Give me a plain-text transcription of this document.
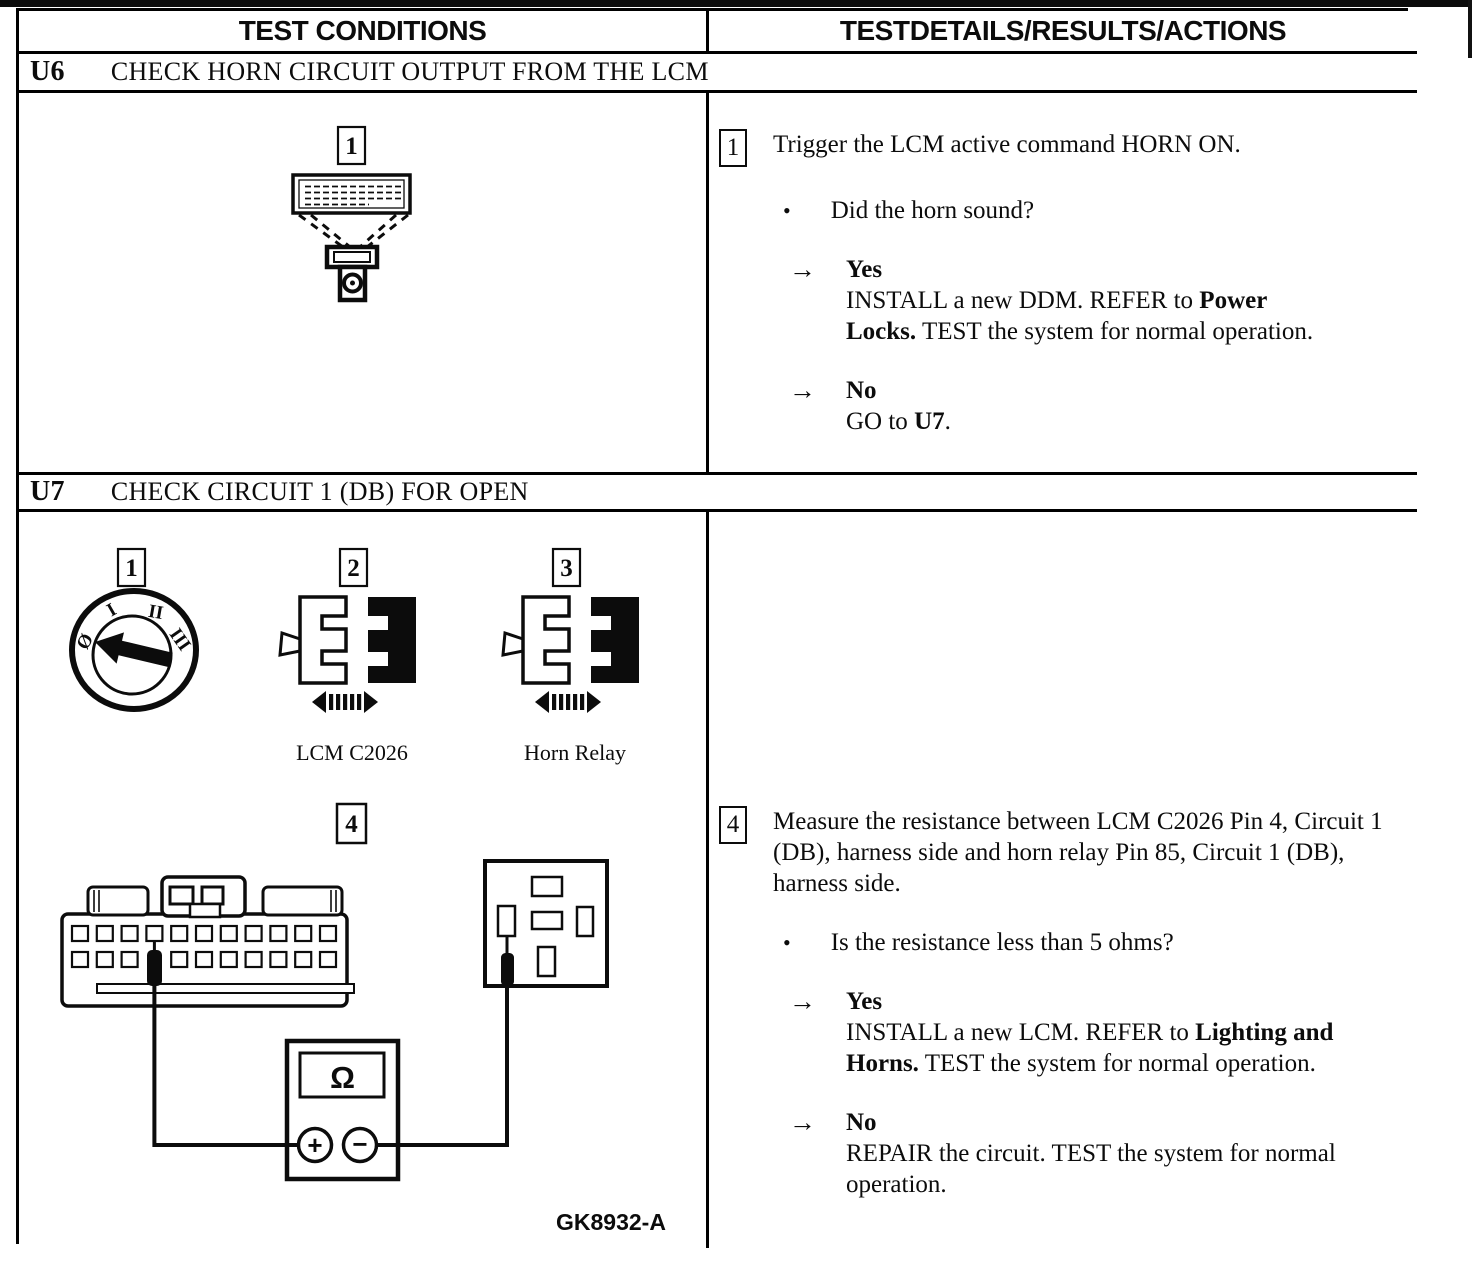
TEST CONDITIONS	TEST DETAILS/RESULTS/ACTIONS
U6 CHECK HORN CIRCUIT OUTPUT FROM THE LCM
1	1 Trigger the LCM active command HORN ON.
• Did the horn sound?
→ Yes
INSTALL a new DDM. REFER to Power Locks. TEST the system for normal operation.
→ No
GO to U7.
U7 CHECK CIRCUIT 1 (DB) FOR OPEN
1	2	3
4
Ø
I II
III
LCM C2026	Horn Relay
Ω
+ −
GK8932-A
4 Measure the resistance between LCM C2026 Pin 4, Circuit 1 (DB), harness side and horn relay Pin 85, Circuit 1 (DB), harness side.
• Is the resistance less than 5 ohms?
→ Yes
INSTALL a new LCM. REFER to Lighting and Horns. TEST the system for normal operation.
→ No
REPAIR the circuit. TEST the system for normal operation.
